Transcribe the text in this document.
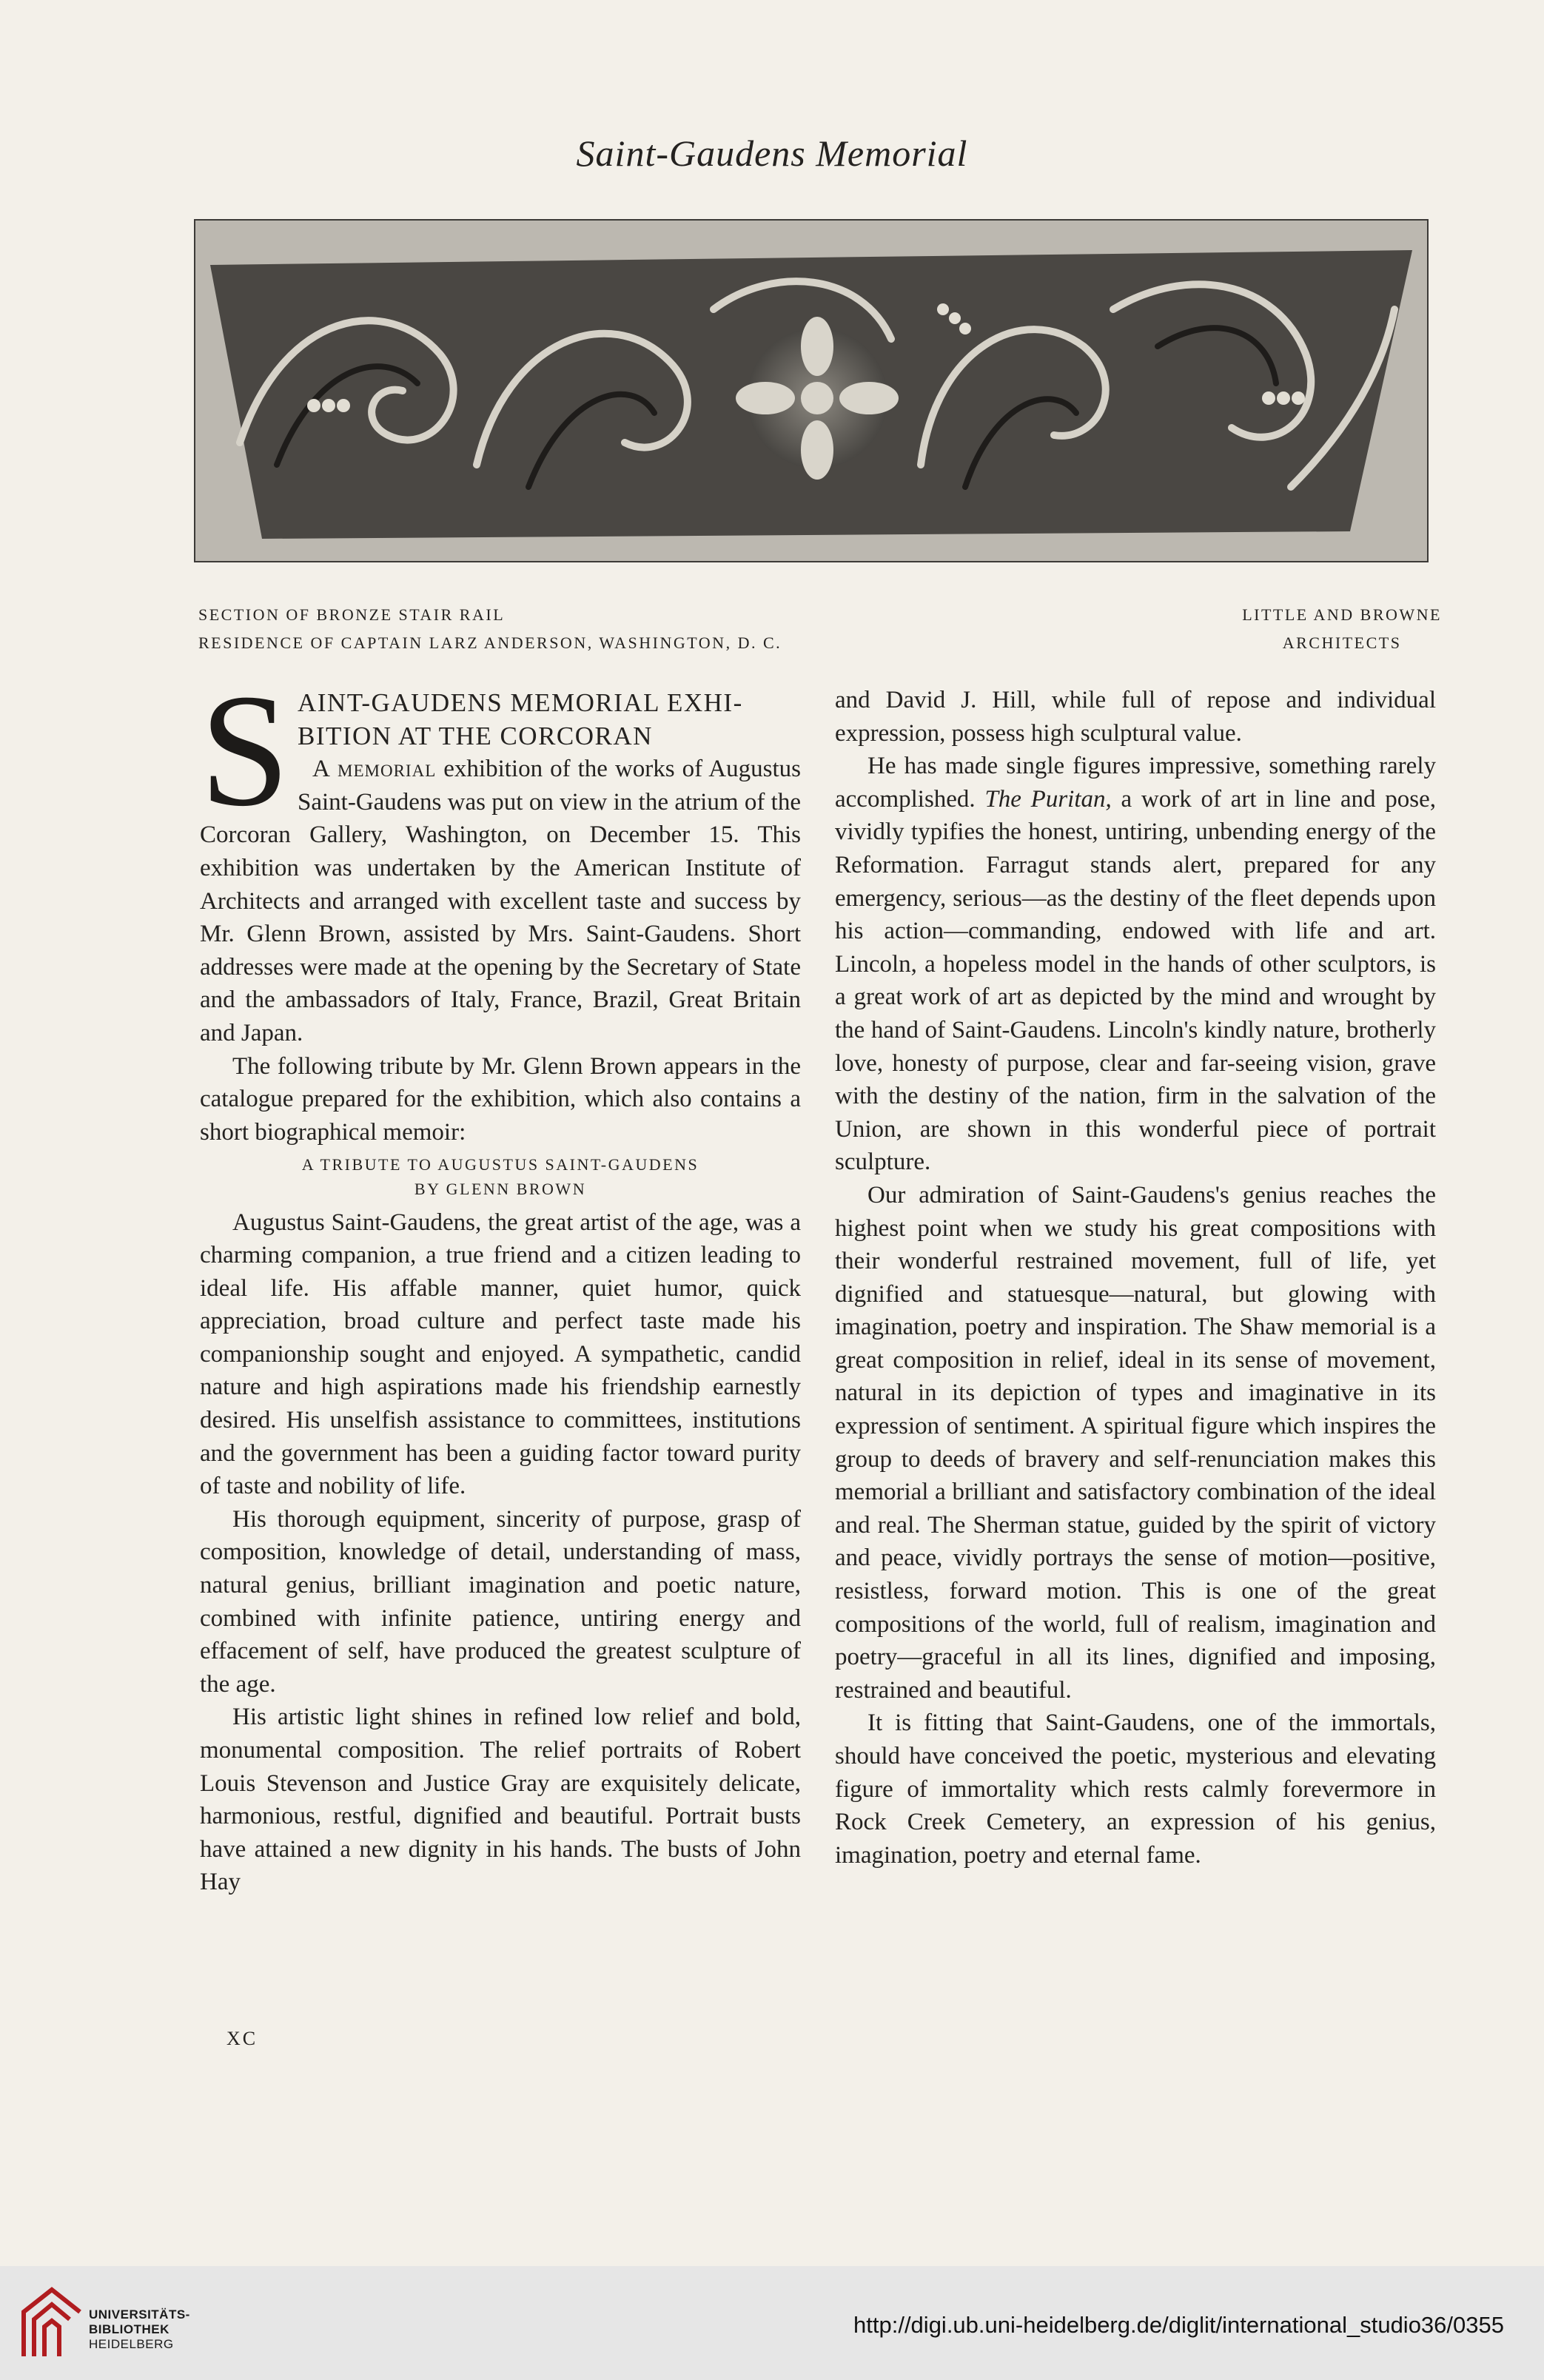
Saint-Gaudens Memorial
SECTION OF BRONZE STAIR RAIL
RESIDENCE OF CAPTAIN LARZ ANDERSON, WASHINGTON, D. C.
LITTLE AND BROWNE
ARCHITECTS
S AINT-GAUDENS MEMORIAL EXHI-
BITION AT THE CORCORAN

A memorial exhibition of the works of Augustus Saint-Gaudens was put on view in the atrium of the Corcoran Gallery, Washington, on December 15. This exhibition was undertaken by the American Institute of Architects and arranged with excellent taste and success by Mr. Glenn Brown, assisted by Mrs. Saint-Gaudens. Short addresses were made at the opening by the Secretary of State and the ambassadors of Italy, France, Brazil, Great Britain and Japan.

The following tribute by Mr. Glenn Brown appears in the catalogue prepared for the exhibition, which also contains a short biographical memoir:

A TRIBUTE TO AUGUSTUS SAINT-GAUDENS
BY GLENN BROWN

Augustus Saint-Gaudens, the great artist of the age, was a charming companion, a true friend and a citizen leading to ideal life. His affable manner, quiet humor, quick appreciation, broad culture and perfect taste made his companionship sought and enjoyed. A sympathetic, candid nature and high aspirations made his friendship earnestly desired. His unselfish assistance to committees, institutions and the government has been a guiding factor toward purity of taste and nobility of life.

His thorough equipment, sincerity of purpose, grasp of composition, knowledge of detail, understanding of mass, natural genius, brilliant imagination and poetic nature, combined with infinite patience, untiring energy and effacement of self, have produced the greatest sculpture of the age.

His artistic light shines in refined low relief and bold, monumental composition. The relief portraits of Robert Louis Stevenson and Justice Gray are exquisitely delicate, harmonious, restful, dignified and beautiful. Portrait busts have attained a new dignity in his hands. The busts of John Hay

and David J. Hill, while full of repose and individual expression, possess high sculptural value.

He has made single figures impressive, something rarely accomplished. The Puritan, a work of art in line and pose, vividly typifies the honest, untiring, unbending energy of the Reformation. Farragut stands alert, prepared for any emergency, serious—as the destiny of the fleet depends upon his action—commanding, endowed with life and art. Lincoln, a hopeless model in the hands of other sculptors, is a great work of art as depicted by the mind and wrought by the hand of Saint-Gaudens. Lincoln's kindly nature, brotherly love, honesty of purpose, clear and far-seeing vision, grave with the destiny of the nation, firm in the salvation of the Union, are shown in this wonderful piece of portrait sculpture.

Our admiration of Saint-Gaudens's genius reaches the highest point when we study his great compositions with their wonderful restrained movement, full of life, yet dignified and statuesque—natural, but glowing with imagination, poetry and inspiration. The Shaw memorial is a great composition in relief, ideal in its sense of movement, natural in its depiction of types and imaginative in its expression of sentiment. A spiritual figure which inspires the group to deeds of bravery and self-renunciation makes this memorial a brilliant and satisfactory combination of the ideal and real. The Sherman statue, guided by the spirit of victory and peace, vividly portrays the sense of motion—positive, resistless, forward motion. This is one of the great compositions of the world, full of realism, imagination and poetry—graceful in all its lines, dignified and imposing, restrained and beautiful.

It is fitting that Saint-Gaudens, one of the immortals, should have conceived the poetic, mysterious and elevating figure of immortality which rests calmly forevermore in Rock Creek Cemetery, an expression of his genius, imagination, poetry and eternal fame.

XC
UNIVERSITÄTS-
BIBLIOTHEK
HEIDELBERG
http://digi.ub.uni-heidelberg.de/diglit/international_studio36/0355
